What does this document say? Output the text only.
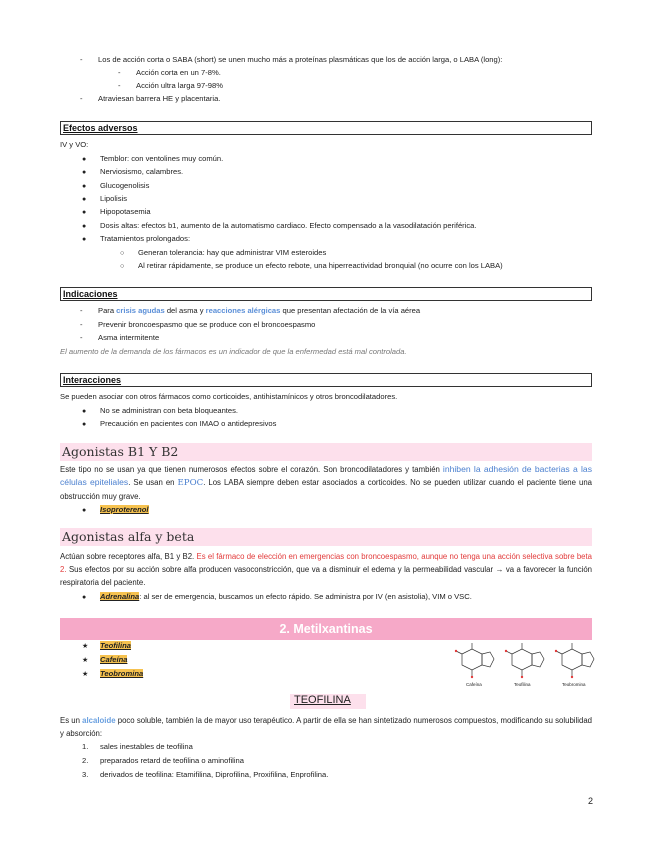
- Los de acción corta o SABA (short) se unen mucho más a proteínas plasmáticas que los de acción larga, o LABA (long):
- Acción corta en un 7-8%.
- Acción ultra larga 97-98%
- Atraviesan barrera HE y placentaria.
Efectos adversos
IV y VO:
● Temblor: con ventolines muy común.
● Nerviosismo, calambres.
● Glucogenolisis
● Lipolisis
● Hipopotasemia
● Dosis altas: efectos b1, aumento de la automatismo cardiaco. Efecto compensado a la vasodilatación periférica.
● Tratamientos prolongados:
○ Generan tolerancia: hay que administrar VIM esteroides
○ Al retirar rápidamente, se produce un efecto rebote, una hiperreactividad bronquial (no ocurre con los LABA)
Indicaciones
- Para crisis agudas del asma y reacciones alérgicas que presentan afectación de la vía aérea
- Prevenir broncoespasmo que se produce con el broncoespasmo
- Asma intermitente
El aumento de la demanda de los fármacos es un indicador de que la enfermedad está mal controlada.
Interacciones
Se pueden asociar con otros fármacos como corticoides, antihistamínicos y otros broncodilatadores.
● No se administran con beta bloqueantes.
● Precaución en pacientes con IMAO o antidepresivos
Agonistas B1 Y B2
Este tipo no se usan ya que tienen numerosos efectos sobre el corazón. Son broncodilatadores y también inhiben la adhesión de bacterias a las células epiteliales. Se usan en EPOC. Los LABA siempre deben estar asociados a corticoides. No se pueden utilizar cuando el paciente tiene una obstrucción muy grave.
● Isoproterenol
Agonistas alfa y beta
Actúan sobre receptores alfa, B1 y B2. Es el fármaco de elección en emergencias con broncoespasmo, aunque no tenga una acción selectiva sobre beta 2. Sus efectos por su acción sobre alfa producen vasoconstricción, que va a disminuir el edema y la permeabilidad vascular → va a favorecer la función respiratoria del paciente.
● Adrenalina: al ser de emergencia, buscamos un efecto rápido. Se administra por IV (en asistolia), VIM o VSC.
2. Metilxantinas
★ Teofilina
★ Cafeína
★ Teobromina
Cafeína	Teofilina	Teobromina
TEOFILINA
Es un alcaloide poco soluble, también la de mayor uso terapéutico. A partir de ella se han sintetizado numerosos compuestos, modificando su solubilidad y absorción:
1. sales inestables de teofilina
2. preparados retard de teofilina o aminofilina
3. derivados de teofilina: Etamifilina, Diprofilina, Proxifilina, Enprofilina.
2
